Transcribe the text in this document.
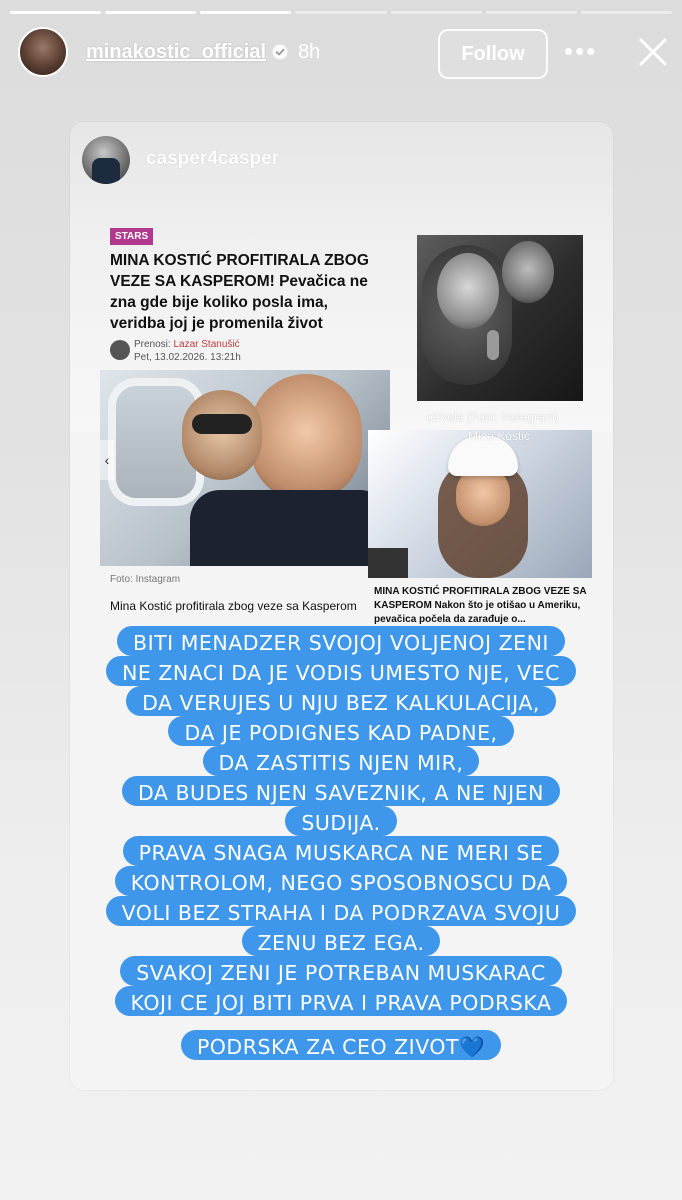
minakostic_official 8h	Follow	•••
casper4casper
STARS
MINA KOSTIĆ PROFITIRALA ZBOG VEZE SA KASPEROM! Pevačica ne zna gde bije koliko posla ima, veridba joj je promenila život
Prenosi: Lazar Stanušić
Pet, 13.02.2026. 13:21h
oživela (Foto: Instagram)
‹
Foto: Instagram
Mina Kostić profitirala zbog veze sa Kasperom
Mina Kostić
MINA KOSTIĆ PROFITIRALA ZBOG VEZE SA KASPEROM Nakon što je otišao u Ameriku, pevačica počela da zarađuje o...
BITI MENADZER SVOJOJ VOLJENOJ ZENI
NE ZNACI DA JE VODIS UMESTO NJE, VEC
DA VERUJES U NJU BEZ KALKULACIJA,
DA JE PODIGNES KAD PADNE,
DA ZASTITIS NJEN MIR,
DA BUDES NJEN SAVEZNIK, A NE NJEN
SUDIJA.
PRAVA SNAGA MUSKARCA NE MERI SE
KONTROLOM, NEGO SPOSOBNOSCU DA
VOLI BEZ STRAHA I DA PODRZAVA SVOJU
ZENU BEZ EGA.
SVAKOJ ZENI JE POTREBAN MUSKARAC
KOJI CE JOJ BITI PRVA I PRAVA PODRSKA
PODRSKA ZA CEO ZIVOT💙
